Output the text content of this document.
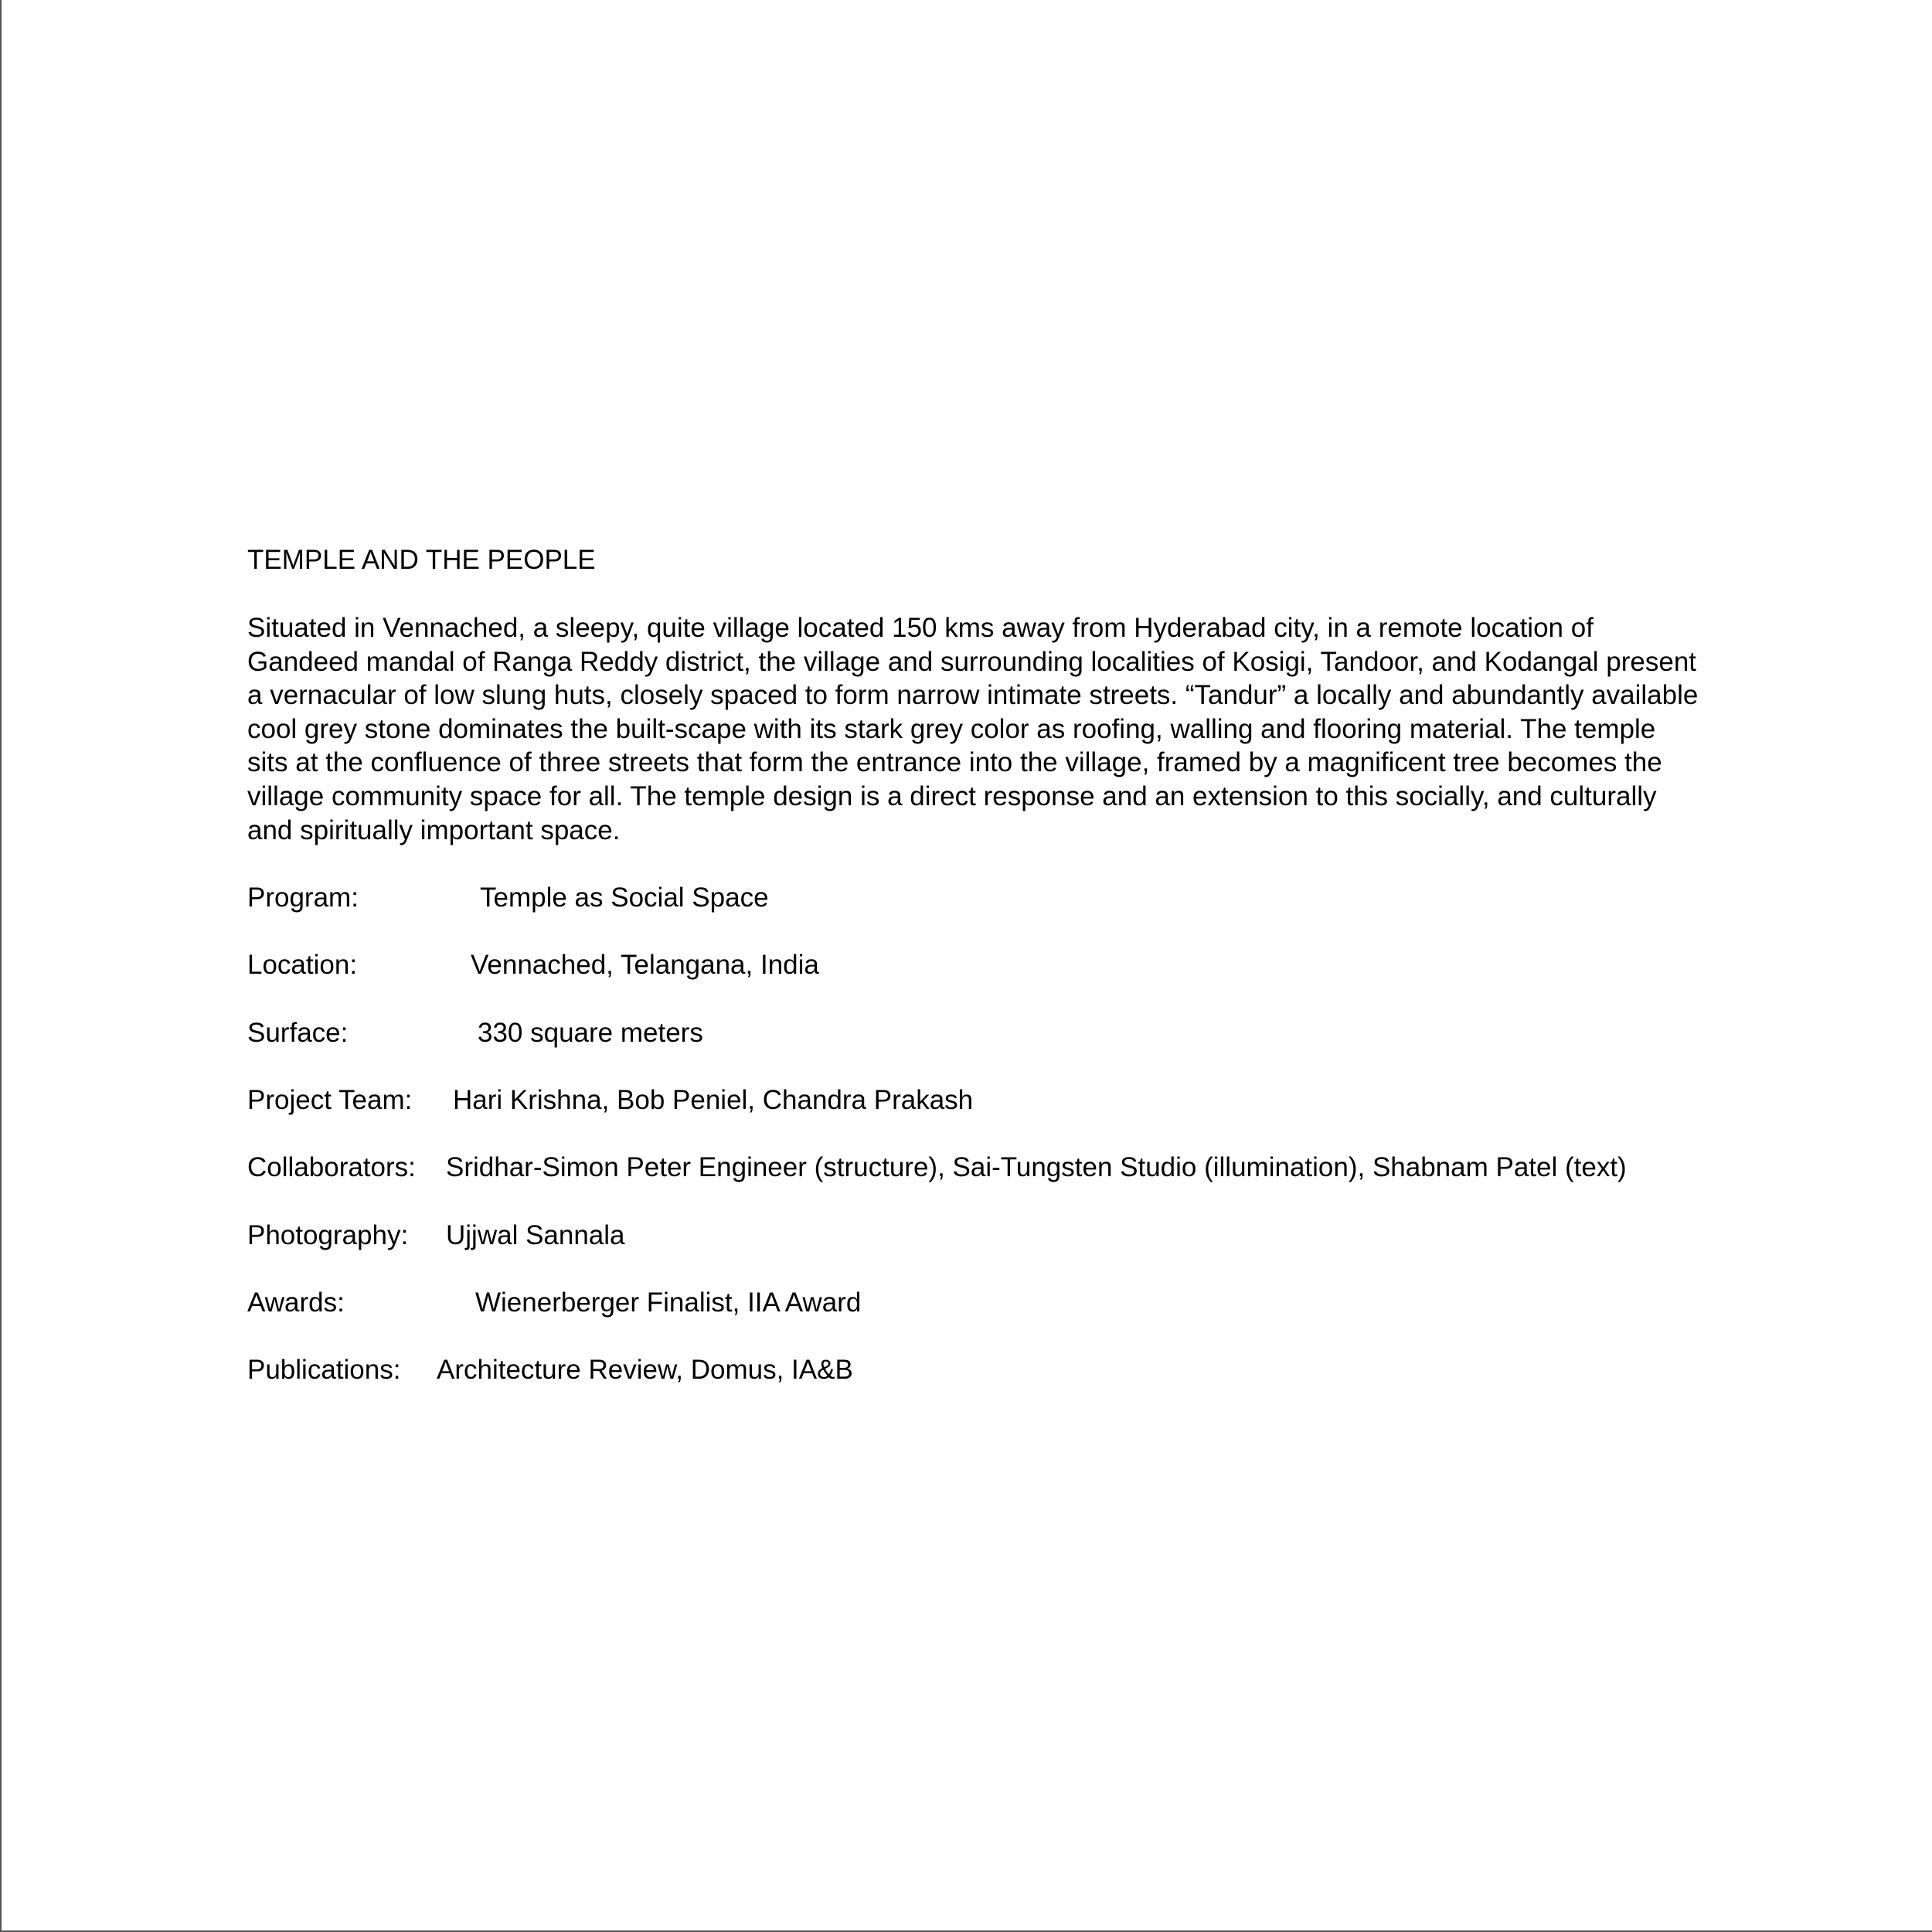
TEMPLE AND THE PEOPLE

Situated in Vennached, a sleepy, quite village located 150 kms away from Hyderabad city, in a remote location of Gandeed mandal of Ranga Reddy district, the village and surrounding localities of Kosigi, Tandoor, and Kodangal present a vernacular of low slung huts, closely spaced to form narrow intimate streets. “Tandur” a locally and abundantly available cool grey stone dominates the built-scape with its stark grey color as roofing, walling and flooring material. The temple sits at the confluence of three streets that form the entrance into the village, framed by a magnificent tree becomes the village community space for all. The temple design is a direct response and an extension to this socially, and culturally and spiritually important space.

Program:	Temple as Social Space
Location:	Vennached, Telangana, India
Surface:	330 square meters
Project Team:	Hari Krishna, Bob Peniel, Chandra Prakash
Collaborators:	Sridhar-Simon Peter Engineer (structure), Sai-Tungsten Studio (illumination), Shabnam Patel (text)
Photography:	Ujjwal Sannala
Awards:	Wienerberger Finalist, IIA Award
Publications:	Architecture Review, Domus, IA&B
